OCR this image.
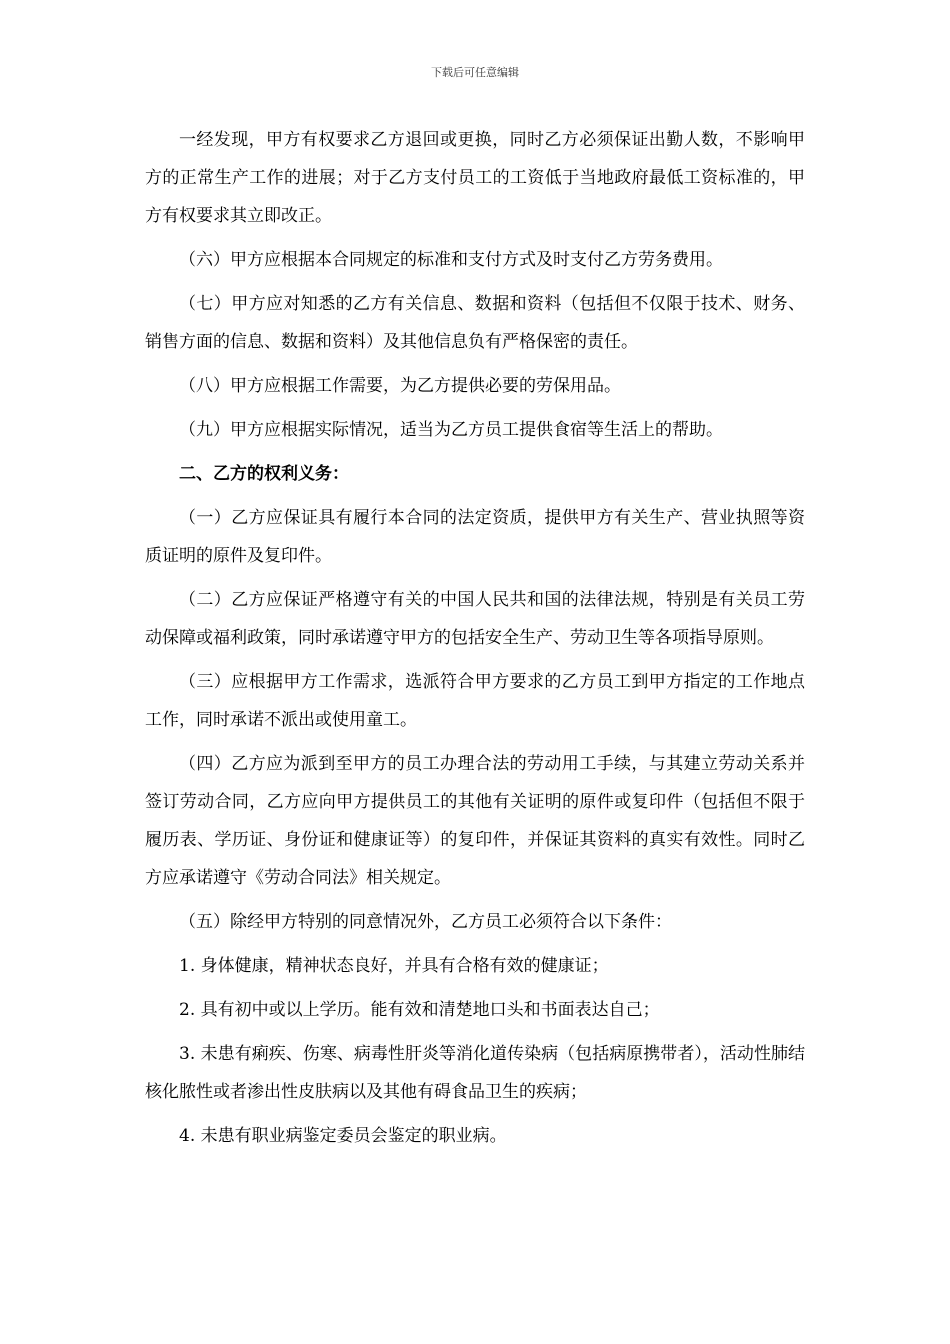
下载后可任意编辑

一经发现，甲方有权要求乙方退回或更换，同时乙方必须保证出勤人数，不影响甲方的正常生产工作的进展；对于乙方支付员工的工资低于当地政府最低工资标准的，甲方有权要求其立即改正。

（六）甲方应根据本合同规定的标准和支付方式及时支付乙方劳务费用。

（七）甲方应对知悉的乙方有关信息、数据和资料（包括但不仅限于技术、财务、销售方面的信息、数据和资料）及其他信息负有严格保密的责任。

（八）甲方应根据工作需要，为乙方提供必要的劳保用品。

（九）甲方应根据实际情况，适当为乙方员工提供食宿等生活上的帮助。

二、乙方的权利义务：

（一）乙方应保证具有履行本合同的法定资质，提供甲方有关生产、营业执照等资质证明的原件及复印件。

（二）乙方应保证严格遵守有关的中国人民共和国的法律法规，特别是有关员工劳动保障或福利政策，同时承诺遵守甲方的包括安全生产、劳动卫生等各项指导原则。

（三）应根据甲方工作需求，选派符合甲方要求的乙方员工到甲方指定的工作地点工作，同时承诺不派出或使用童工。

（四）乙方应为派到至甲方的员工办理合法的劳动用工手续，与其建立劳动关系并签订劳动合同，乙方应向甲方提供员工的其他有关证明的原件或复印件（包括但不限于履历表、学历证、身份证和健康证等）的复印件，并保证其资料的真实有效性。同时乙方应承诺遵守《劳动合同法》相关规定。

（五）除经甲方特别的同意情况外，乙方员工必须符合以下条件：

1. 身体健康，精神状态良好，并具有合格有效的健康证；

2. 具有初中或以上学历。能有效和清楚地口头和书面表达自己；

3. 未患有痢疾、伤寒、病毒性肝炎等消化道传染病（包括病原携带者），活动性肺结核化脓性或者渗出性皮肤病以及其他有碍食品卫生的疾病；

4. 未患有职业病鉴定委员会鉴定的职业病。
